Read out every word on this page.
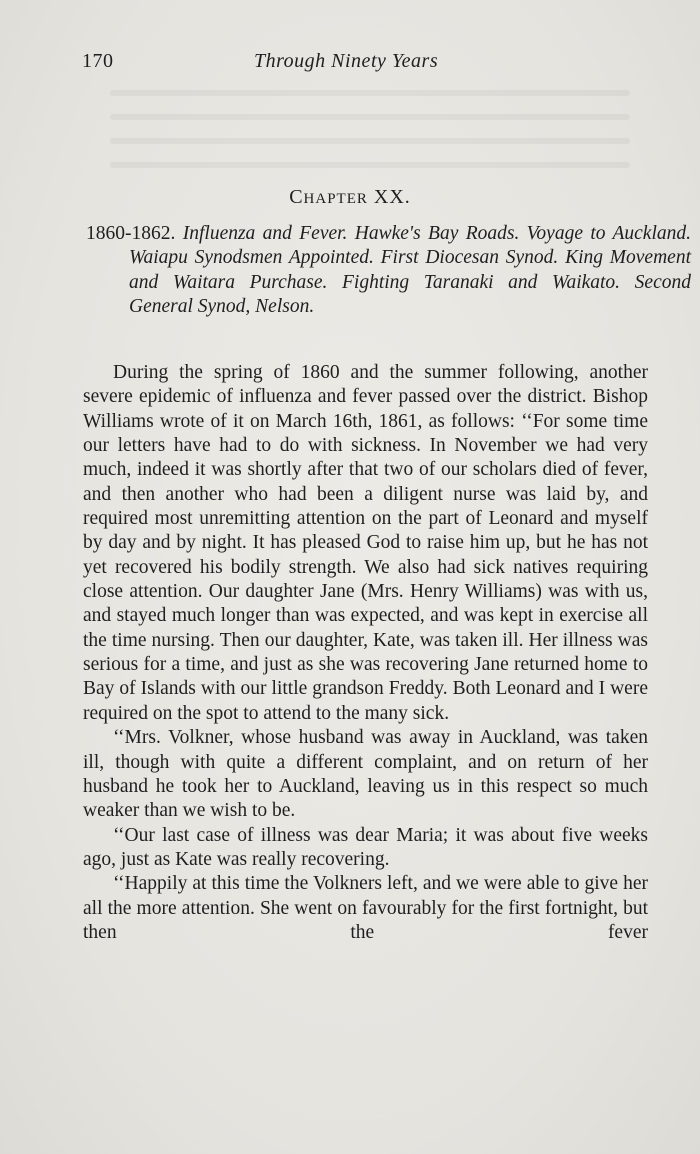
170	Through Ninety Years
CHAPTER XX.
1860-1862. Influenza and Fever. Hawke's Bay Roads. Voyage to Auckland. Waiapu Synodsmen Appointed. First Diocesan Synod. King Movement and Waitara Purchase. Fighting Taranaki and Waikato. Second General Synod, Nelson.

During the spring of 1860 and the summer following, another severe epidemic of influenza and fever passed over the district. Bishop Williams wrote of it on March 16th, 1861, as follows: ‘‘For some time our letters have had to do with sickness. In November we had very much, indeed it was shortly after that two of our scholars died of fever, and then another who had been a diligent nurse was laid by, and required most unremitting attention on the part of Leonard and myself by day and by night. It has pleased God to raise him up, but he has not yet recovered his bodily strength. We also had sick natives requiring close attention. Our daughter Jane (Mrs. Henry Williams) was with us, and stayed much longer than was expected, and was kept in exercise all the time nursing. Then our daughter, Kate, was taken ill. Her illness was serious for a time, and just as she was recovering Jane returned home to Bay of Islands with our little grandson Freddy. Both Leonard and I were required on the spot to attend to the many sick.

‘‘Mrs. Volkner, whose husband was away in Auckland, was taken ill, though with quite a different complaint, and on return of her husband he took her to Auckland, leaving us in this respect so much weaker than we wish to be.

‘‘Our last case of illness was dear Maria; it was about five weeks ago, just as Kate was really recovering.

‘‘Happily at this time the Volkners left, and we were able to give her all the more attention. She went on favourably for the first fortnight, but then the fever
